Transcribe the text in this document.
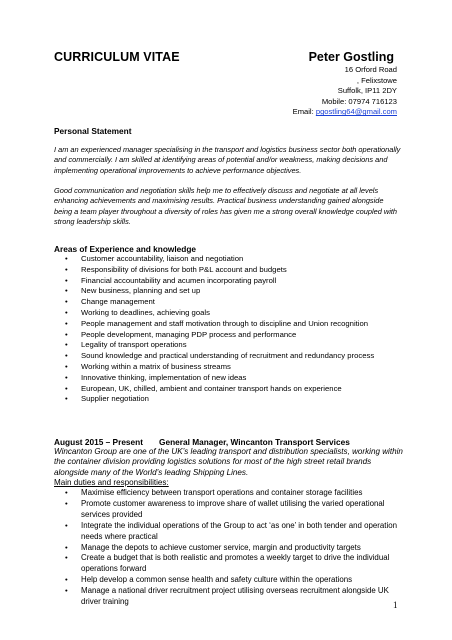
CURRICULUM VITAE	Peter Gostling
16 Orford Road
, Felixstowe
Suffolk, IP11 2DY
Mobile: 07974 716123
Email: pgostling64@gmail.com
Personal Statement

I am an experienced manager specialising in the transport and logistics business sector both operationally and commercially. I am skilled at identifying areas of potential and/or weakness, making decisions and implementing operational improvements to achieve performance objectives.

Good communication and negotiation skills help me to effectively discuss and negotiate at all levels enhancing achievements and maximising results. Practical business understanding gained alongside being a team player throughout a diversity of roles has given me a strong overall knowledge coupled with strong leadership skills.

Areas of Experience and knowledge
• Customer accountability, liaison and negotiation
• Responsibility of divisions for both P&L account and budgets
• Financial accountability and acumen incorporating payroll
• New business, planning and set up
• Change management
• Working to deadlines, achieving goals
• People management and staff motivation through to discipline and Union recognition
• People development, managing PDP process and performance
• Legality of transport operations
• Sound knowledge and practical understanding of recruitment and redundancy process
• Working within a matrix of business streams
• Innovative thinking, implementation of new ideas
• European, UK, chilled, ambient and container transport hands on experience
• Supplier negotiation
August 2015 – Present General Manager, Wincanton Transport Services

Wincanton Group are one of the UK’s leading transport and distribution specialists, working within the container division providing logistics solutions for most of the high street retail brands alongside many of the World’s leading Shipping Lines.

Main duties and responsibilities:
• Maximise efficiency between transport operations and container storage facilities
• Promote customer awareness to improve share of wallet utilising the varied operational services provided
• Integrate the individual operations of the Group to act ‘as one’ in both tender and operation needs where practical
• Manage the depots to achieve customer service, margin and productivity targets
• Create a budget that is both realistic and promotes a weekly target to drive the individual operations forward
• Help develop a common sense health and safety culture within the operations
• Manage a national driver recruitment project utilising overseas recruitment alongside UK driver training	1
